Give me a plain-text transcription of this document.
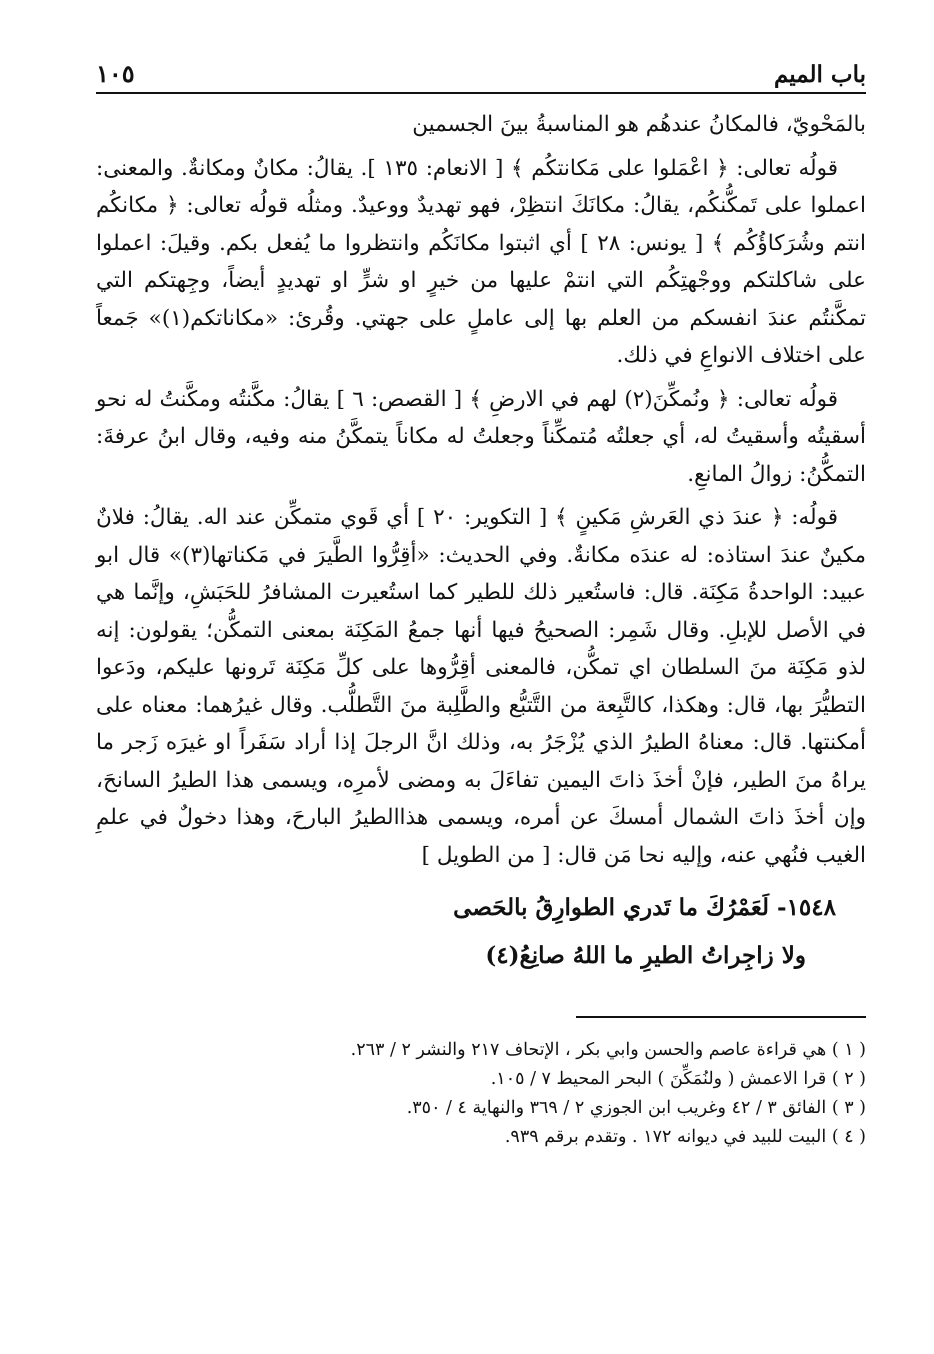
باب الميم
١٠٥

بالمَحْويّ، فالمكانُ عندهُم هو المناسبةُ بينَ الجسمين

قولُه تعالى: ﴿ اعْمَلوا على مَكانتكُم ﴾ [ الانعام: ١٣٥ ]. يقالُ: مكانٌ ومكانةٌ. والمعنى: اعملوا على تَمكُّنكُم، يقالُ: مكانَكَ انتظِرْ، فهو تهديدٌ ووعيدٌ. ومثلُه قولُه تعالى: ﴿ مكانكُم انتم وشُرَكاؤُكُم ﴾ [ يونس: ٢٨ ] أي اثبتوا مكانَكُم وانتظروا ما يُفعل بكم. وقيلَ: اعملوا على شاكلتكم ووجْهتِكُم التي انتمْ عليها من خيرٍ او شرٍّ او تهديدٍ أيضاً، وجِهتكم التي تمكَّنتُم عندَ انفسكم من العلم بها إلى عاملٍ على جهتي. وقُرئ: «مكاناتكم(١)» جَمعاً على اختلاف الانواعِ في ذلك.

قولُه تعالى: ﴿ ونُمكِّنَ(٢) لهم في الارضِ ﴾ [ القصص: ٦ ] يقالُ: مكَّنتُه ومكَّنتُ له نحو أسقيتُه وأسقيتُ له، أي جعلتُه مُتمكِّناً وجعلتُ له مكاناً يتمكَّنُ منه وفيه، وقال ابنُ عرفةَ: التمكُّنُ: زوالُ المانعِ.

قولُه: ﴿ عندَ ذي العَرشِ مَكينٍ ﴾ [ التكوير: ٢٠ ] أي قَوي متمكِّن عند اله. يقالُ: فلانٌ مكينٌ عندَ استاذه: له عندَه مكانةٌ. وفي الحديث: «أقِرُّوا الطَّيرَ في مَكناتها(٣)» قال ابو عبيد: الواحدةُ مَكِنَة. قال: فاستُعير ذلك للطير كما استُعيرت المشافرُ للحَبَشِ، وإنَّما هي في الأصل للإبلِ. وقال شَمِر: الصحيحُ فيها أنها جمعُ المَكِنَة بمعنى التمكُّن؛ يقولون: إنه لذو مَكِنَة منَ السلطان اي تمكُّن، فالمعنى أقِرُّوها على كلِّ مَكِنَة تَرونها عليكم، ودَعوا التطيُّرَ بها، قال: وهكذا، كالتَّبِعة من التَّتبُّع والطَّلِبة منَ التَّطلُّب. وقال غيرُهما: معناه على أمكنتها. قال: معناهُ الطيرُ الذي يُزْجَرُ به، وذلك انَّ الرجلَ إذا أراد سَفَراً او غيرَه زَجر ما يراهُ منَ الطير، فإنْ أخذَ ذاتَ اليمين تفاءَلَ به ومضى لأمرِه، ويسمى هذا الطيرُ السانحَ، وإن أخذَ ذاتَ الشمال أمسكَ عن أمره، ويسمى هذاالطيرُ البارحَ، وهذا دخولٌ في علمِ الغيب فنُهي عنه، وإليه نحا مَن قال: [ من الطويل ]

١٥٤٨- لَعَمْرُكَ ما تَدري الطوارِقُ بالحَصى
ولا زاجِراتُ الطيرِ ما اللهُ صانِعُ(٤)
( ١ ) هي قراءة عاصم والحسن وابي بكر ، الإتحاف ٢١٧ والنشر ٢ / ٢٦٣.
( ٢ ) قرا الاعمش ( ولنُمَكِّنَ ) البحر المحيط ٧ / ١٠٥.
( ٣ ) الفائق ٣ / ٤٢ وغريب ابن الجوزي ٢ / ٣٦٩ والنهاية ٤ / ٣٥٠.
( ٤ ) البيت للبيد في ديوانه ١٧٢ . وتقدم برقم ٩٣٩.
